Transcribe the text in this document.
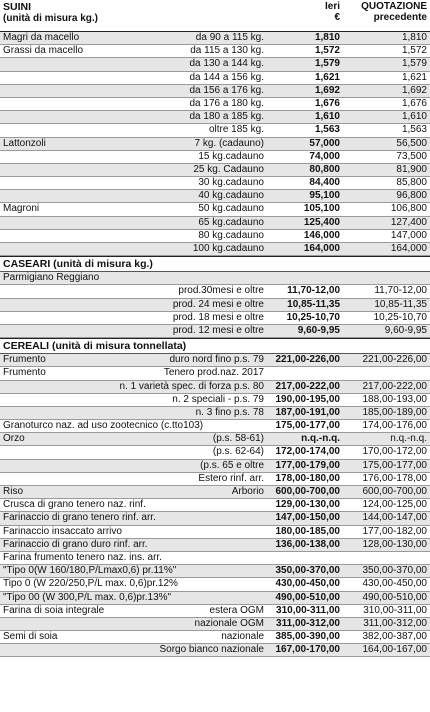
SUINI
(unità di misura kg.)
Ieri
€
QUOTAZIONE
precedente
Magri da macello	da 90 a 115 kg.	1,810	1,810
Grassi da macello	da 115 a 130 kg.	1,572	1,572
da 130 a 144 kg.	1,579	1,579
da 144 a 156 kg.	1,621	1,621
da 156 a 176 kg.	1,692	1,692
da 176 a 180 kg.	1,676	1,676
da 180 a 185 kg.	1,610	1,610
oltre 185 kg.	1,563	1,563
Lattonzoli	7 kg. (cadauno)	57,000	56,500
15 kg.cadauno	74,000	73,500
25 kg. Cadauno	80,800	81,900
30 kg.cadauno	84,400	85,800
40 kg.cadauno	95,100	96,800
Magroni	50 kg.cadauno	105,100	106,800
65 kg.cadauno	125,400	127,400
80 kg.cadauno	146,000	147,000
100 kg.cadauno	164,000	164,000
CASEARI (unità di misura kg.)
Parmigiano Reggiano
prod.30mesi e oltre 11,70-12,00	11,70-12,00
prod. 24 mesi e oltre 10,85-11,35	10,85-11,35
prod. 18 mesi e oltre 10,25-10,70	10,25-10,70
prod. 12 mesi e oltre	9,60-9,95	9,60-9,95
CEREALI (unità di misura tonnellata)
Frumento	duro nord fino p.s. 79 221,00-226,00 221,00-226,00
Frumento	Tenero prod.naz. 2017
n. 1 varietà spec. di forza p.s. 80 217,00-222,00 217,00-222,00
n. 2 speciali - p.s. 79 190,00-195,00 188,00-193,00
n. 3 fino p.s. 78 187,00-191,00 185,00-189,00
Granoturco naz. ad uso zootecnico (c.tto103)	175,00-177,00 174,00-176,00
Orzo	(p.s. 58-61)	n.q.-n.q.	n.q.-n.q.
(p.s. 62-64) 172,00-174,00 170,00-172,00
(p.s. 65 e oltre 177,00-179,00 175,00-177,00
Estero rinf. arr. 178,00-180,00 176,00-178,00
Riso	Arborio 600,00-700,00 600,00-700,00
Crusca di grano tenero naz. rinf.	129,00-130,00 124,00-125,00
Farinaccio di grano tenero rinf. arr.	147,00-150,00 144,00-147,00
Farinaccio insaccato arrivo	180,00-185,00 177,00-182,00
Farinaccio di grano duro rinf. arr.	136,00-138,00 128,00-130,00
Farina frumento tenero naz. ins. arr.
"Tipo 0(W 160/180,P/Lmax0,6) pr.11%"	350,00-370,00 350,00-370,00
Tipo 0 (W 220/250,P/L max. 0,6)pr.12%	430,00-450,00 430,00-450,00
"Tipo 00 (W 300,P/L max. 0,6)pr.13%"	490,00-510,00 490,00-510,00
Farina di soia integrale	estera OGM 310,00-311,00 310,00-311,00
nazionale OGM 311,00-312,00 311,00-312,00
Semi di soia	nazionale 385,00-390,00 382,00-387,00
Sorgo bianco nazionale 167,00-170,00 164,00-167,00
